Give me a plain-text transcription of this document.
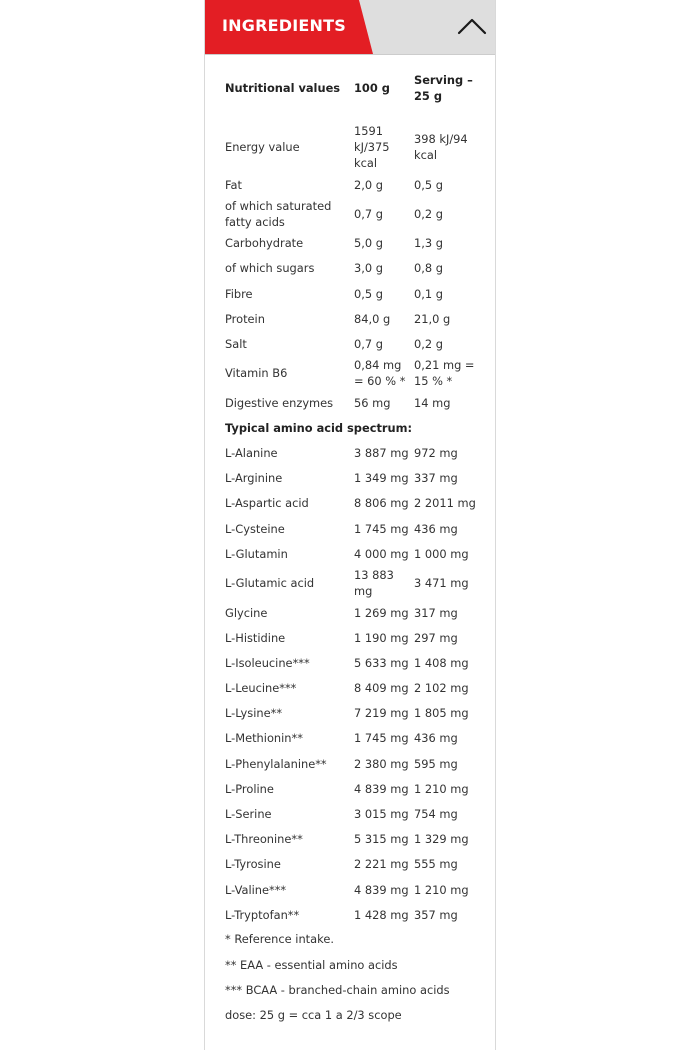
INGREDIENTS
Nutritional values	100 g	Serving – 25 g
Energy value	1591 kJ/375 kcal	398 kJ/94 kcal
Fat	2,0 g	0,5 g
of which saturated fatty acids	0,7 g	0,2 g
Carbohydrate	5,0 g	1,3 g
of which sugars	3,0 g	0,8 g
Fibre	0,5 g	0,1 g
Protein	84,0 g	21,0 g
Salt	0,7 g	0,2 g
Vitamin B6	0,84 mg = 60 % *	0,21 mg = 15 % *
Digestive enzymes	56 mg	14 mg
Typical amino acid spectrum:		
L-Alanine	3 887 mg	972 mg
L-Arginine	1 349 mg	337 mg
L-Aspartic acid	8 806 mg	2 2011 mg
L-Cysteine	1 745 mg	436 mg
L-Glutamin	4 000 mg	1 000 mg
L-Glutamic acid	13 883 mg	3 471 mg
Glycine	1 269 mg	317 mg
L-Histidine	1 190 mg	297 mg
L-Isoleucine***	5 633 mg	1 408 mg
L-Leucine***	8 409 mg	2 102 mg
L-Lysine**	7 219 mg	1 805 mg
L-Methionin**	1 745 mg	436 mg
L-Phenylalanine**	2 380 mg	595 mg
L-Proline	4 839 mg	1 210 mg
L-Serine	3 015 mg	754 mg
L-Threonine**	5 315 mg	1 329 mg
L-Tyrosine	2 221 mg	555 mg
L-Valine***	4 839 mg	1 210 mg
L-Tryptofan**	1 428 mg	357 mg
* Reference intake.
** EAA - essential amino acids
*** BCAA - branched-chain amino acids
dose: 25 g = cca 1 a 2/3 scope
